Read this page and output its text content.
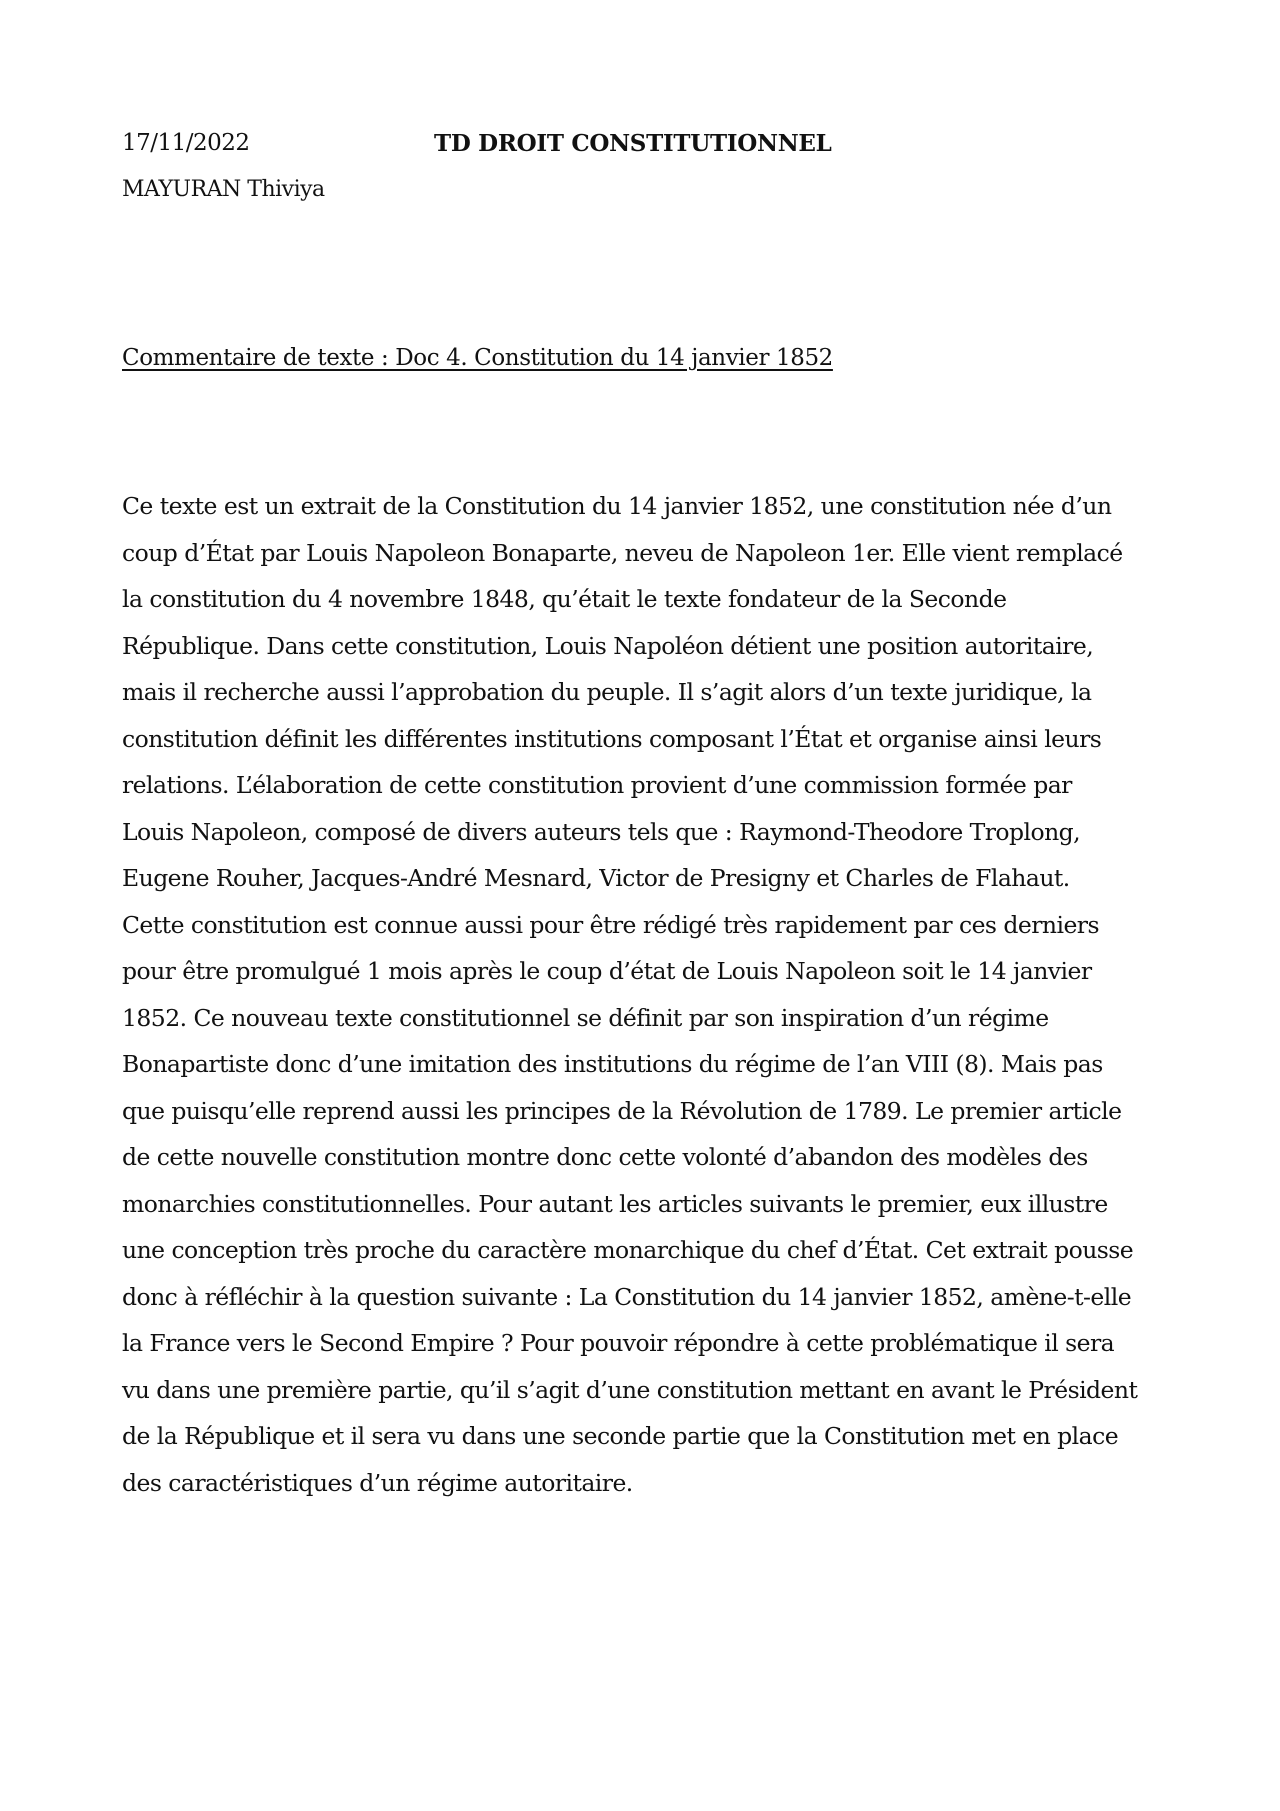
17/11/2022	TD DROIT CONSTITUTIONNEL
MAYURAN Thiviya
Commentaire de texte : Doc 4. Constitution du 14 janvier 1852

Ce texte est un extrait de la Constitution du 14 janvier 1852, une constitution née d’un
coup d’État par Louis Napoleon Bonaparte, neveu de Napoleon 1er. Elle vient remplacé
la constitution du 4 novembre 1848, qu’était le texte fondateur de la Seconde
République. Dans cette constitution, Louis Napoléon détient une position autoritaire,
mais il recherche aussi l’approbation du peuple. Il s’agit alors d’un texte juridique, la
constitution définit les différentes institutions composant l’État et organise ainsi leurs
relations. L’élaboration de cette constitution provient d’une commission formée par
Louis Napoleon, composé de divers auteurs tels que : Raymond-Theodore Troplong,
Eugene Rouher, Jacques-André Mesnard, Victor de Presigny et Charles de Flahaut.
Cette constitution est connue aussi pour être rédigé très rapidement par ces derniers
pour être promulgué 1 mois après le coup d’état de Louis Napoleon soit le 14 janvier
1852. Ce nouveau texte constitutionnel se définit par son inspiration d’un régime
Bonapartiste donc d’une imitation des institutions du régime de l’an VIII (8). Mais pas
que puisqu’elle reprend aussi les principes de la Révolution de 1789. Le premier article
de cette nouvelle constitution montre donc cette volonté d’abandon des modèles des
monarchies constitutionnelles. Pour autant les articles suivants le premier, eux illustre
une conception très proche du caractère monarchique du chef d’État. Cet extrait pousse
donc à réfléchir à la question suivante : La Constitution du 14 janvier 1852, amène-t-elle
la France vers le Second Empire ? Pour pouvoir répondre à cette problématique il sera
vu dans une première partie, qu’il s’agit d’une constitution mettant en avant le Président
de la République et il sera vu dans une seconde partie que la Constitution met en place
des caractéristiques d’un régime autoritaire.
